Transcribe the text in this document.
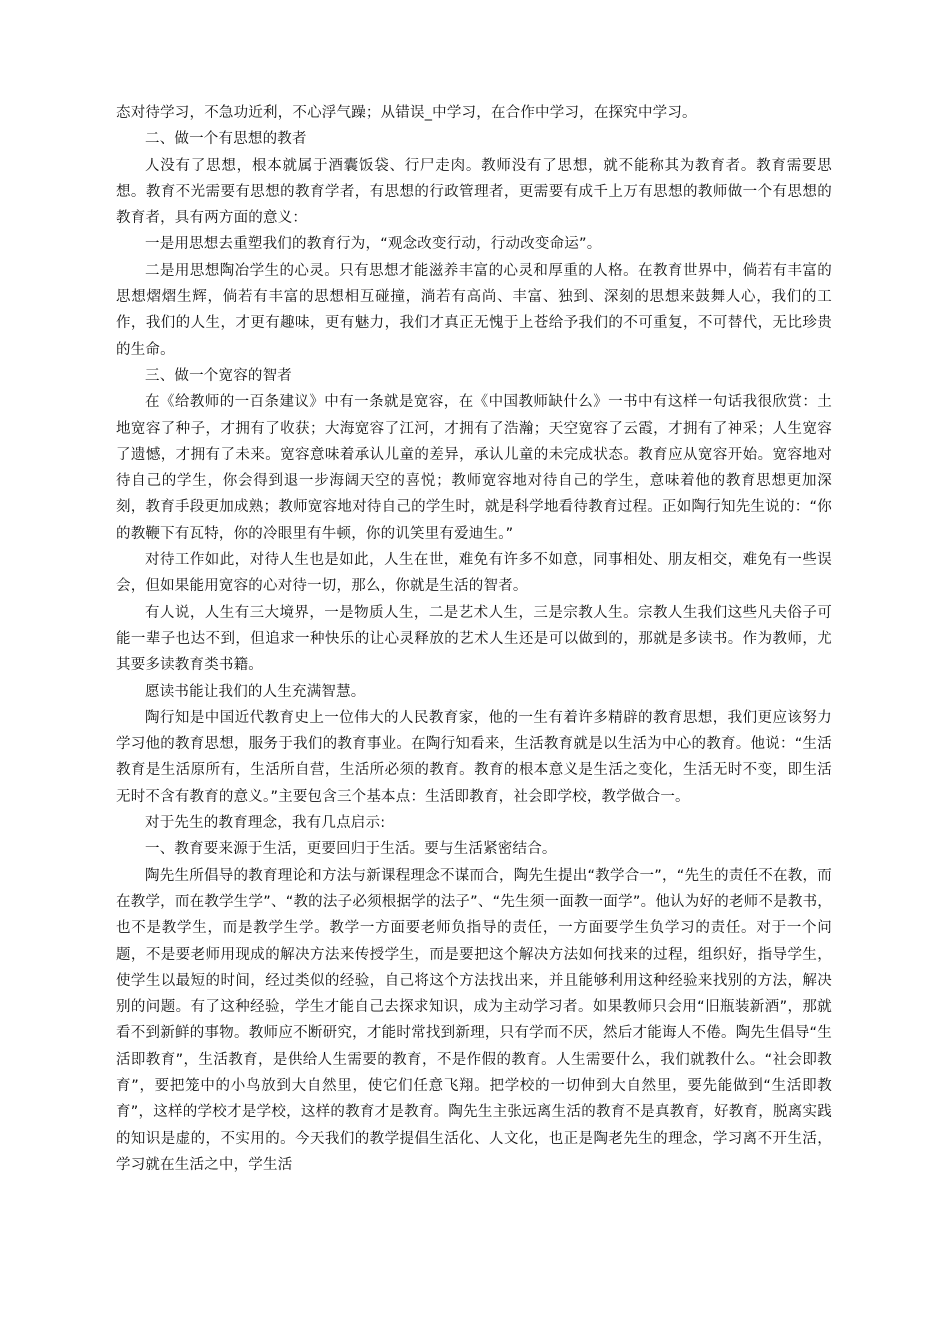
态对待学习，不急功近利，不心浮气躁；从错误_中学习，在合作中学习，在探究中学习。

二、做一个有思想的教者

人没有了思想，根本就属于酒囊饭袋、行尸走肉。教师没有了思想，就不能称其为教育者。教育需要思想。教育不光需要有思想的教育学者，有思想的行政管理者，更需要有成千上万有思想的教师做一个有思想的教育者，具有两方面的意义：

一是用思想去重塑我们的教育行为，“观念改变行动，行动改变命运”。

二是用思想陶冶学生的心灵。只有思想才能滋养丰富的心灵和厚重的人格。在教育世界中，倘若有丰富的思想熠熠生辉，倘若有丰富的思想相互碰撞，淌若有高尚、丰富、独到、深刻的思想来鼓舞人心，我们的工作，我们的人生，才更有趣味，更有魅力，我们才真正无愧于上苍给予我们的不可重复，不可替代，无比珍贵的生命。

三、做一个宽容的智者

在《给教师的一百条建议》中有一条就是宽容，在《中国教师缺什么》一书中有这样一句话我很欣赏：土地宽容了种子，才拥有了收获；大海宽容了江河，才拥有了浩瀚；天空宽容了云霞，才拥有了神采；人生宽容了遗憾，才拥有了未来。宽容意味着承认儿童的差异，承认儿童的未完成状态。教育应从宽容开始。宽容地对待自己的学生，你会得到退一步海阔天空的喜悦；教师宽容地对待自己的学生，意味着他的教育思想更加深刻，教育手段更加成熟；教师宽容地对待自己的学生时，就是科学地看待教育过程。正如陶行知先生说的：“你的教鞭下有瓦特，你的冷眼里有牛顿，你的讥笑里有爱迪生。”

对待工作如此，对待人生也是如此，人生在世，难免有许多不如意，同事相处、朋友相交，难免有一些误会，但如果能用宽容的心对待一切，那么，你就是生活的智者。

有人说，人生有三大境界，一是物质人生，二是艺术人生，三是宗教人生。宗教人生我们这些凡夫俗子可能一辈子也达不到，但追求一种快乐的让心灵释放的艺术人生还是可以做到的，那就是多读书。作为教师，尤其要多读教育类书籍。

愿读书能让我们的人生充满智慧。

陶行知是中国近代教育史上一位伟大的人民教育家，他的一生有着许多精辟的教育思想，我们更应该努力学习他的教育思想，服务于我们的教育事业。在陶行知看来，生活教育就是以生活为中心的教育。他说：“生活教育是生活原所有，生活所自营，生活所必须的教育。教育的根本意义是生活之变化，生活无时不变，即生活无时不含有教育的意义。”主要包含三个基本点：生活即教育，社会即学校，教学做合一。

对于先生的教育理念，我有几点启示:

一、教育要来源于生活，更要回归于生活。要与生活紧密结合。

陶先生所倡导的教育理论和方法与新课程理念不谋而合，陶先生提出“教学合一”，“先生的责任不在教，而在教学，而在教学生学”、“教的法子必须根据学的法子”、“先生须一面教一面学”。他认为好的老师不是教书，也不是教学生，而是教学生学。教学一方面要老师负指导的责任，一方面要学生负学习的责任。对于一个问题，不是要老师用现成的解决方法来传授学生，而是要把这个解决方法如何找来的过程，组织好，指导学生，使学生以最短的时间，经过类似的经验，自己将这个方法找出来，并且能够利用这种经验来找别的方法，解决别的问题。有了这种经验，学生才能自己去探求知识，成为主动学习者。如果教师只会用“旧瓶装新酒”，那就看不到新鲜的事物。教师应不断研究，才能时常找到新理，只有学而不厌，然后才能诲人不倦。陶先生倡导“生活即教育”，生活教育，是供给人生需要的教育，不是作假的教育。人生需要什么，我们就教什么。“社会即教育”，要把笼中的小鸟放到大自然里，使它们任意飞翔。把学校的一切伸到大自然里，要先能做到“生活即教育”，这样的学校才是学校，这样的教育才是教育。陶先生主张远离生活的教育不是真教育，好教育，脱离实践的知识是虚的，不实用的。今天我们的教学提倡生活化、人文化，也正是陶老先生的理念，学习离不开生活，学习就在生活之中，学生活
